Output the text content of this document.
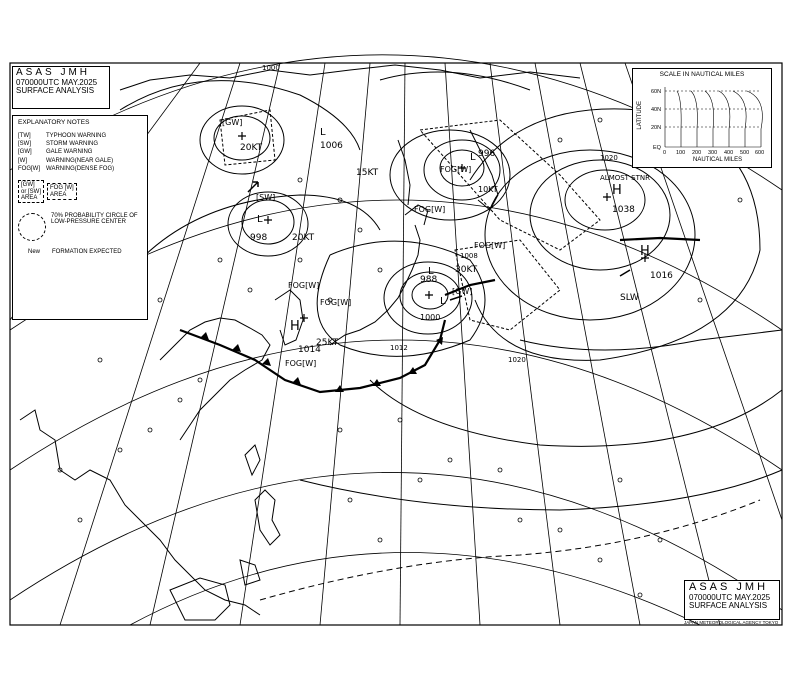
L
1006
L 996
L
998
L
988
L
1000
H
1038
H
1014
H
1016
1000
1020
1020
1008
1012
[GW]
[GW]
[SW]
FOG[W]
FOG[W]
FOG[W]
FOG[W]
FOG[W]
FOG[W]
20KT
20KT
15KT
30KT
25KT
10KT
ALMOST STNR
SLW
ASAS JMH
070000UTC MAY.2025
SURFACE ANALYSIS
EXPLANATORY NOTES
[TW]	TYPHOON WARNING
[SW]	STORM WARNING
[GW]	GALE WARNING
[W]	WARNING(NEAR GALE)
FOG[W] WARNING(DENSE FOG)
[GW]
or [SW]
AREA
FOG [W]
AREA
70% PROBABILITY CIRCLE OF LOW-PRESSURE CENTER
New FORMATION EXPECTED
SCALE IN NAUTICAL MILES
LATITUDE
60N
40N
20N
EQ
0 100 200 300 400 500 600
NAUTICAL MILES
ASAS JMH
070000UTC MAY.2025
SURFACE ANALYSIS
JAPAN METEOROLOGICAL AGENCY TOKYO
